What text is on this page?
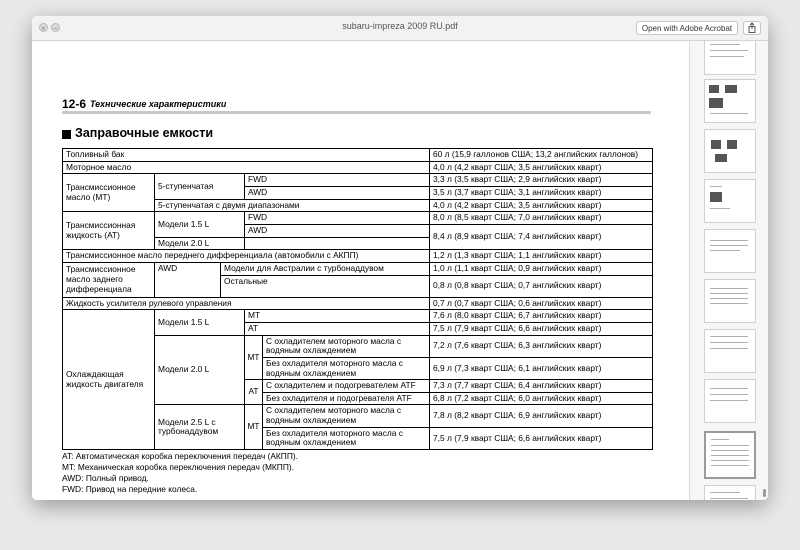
× –	subaru-impreza 2009 RU.pdf	Open with Adobe Acrobat
12-6 Технические характеристики
Заправочные емкости
Топливный бак					60 л (15,9 галлонов США; 13,2 английских галлонов)
Моторное масло					4,0 л (4,2 кварт США; 3,5 английских кварт)
Трансмиссионное масло (МТ)	5-ступенчатая		FWD		3,3 л (3,5 кварт США; 2,9 английских кварт)
			AWD		3,5 л (3,7 кварт США; 3,1 английских кварт)
	5-ступенчатая с двумя диапазонами				4,0 л (4,2 кварт США; 3,5 английских кварт)
Трансмиссионная жидкость (AT)	Модели 1.5 L		FWD		8,0 л (8,5 кварт США; 7,0 английских кварт)
			AWD		8,4 л (8,9 кварт США; 7,4 английских кварт)
	Модели 2.0 L				
Трансмиссионное масло переднего дифференциала (автомобили с АКПП)					1,2 л (1,3 кварт США; 1,1 английских кварт)
Трансмиссионное масло заднего дифференциала	AWD	Модели для Австралии с турбонаддувом			1,0 л (1,1 кварт США; 0,9 английских кварт)
		Остальные			0,8 л (0,8 кварт США; 0,7 английских кварт)
Жидкость усилителя рулевого управления					0,7 л (0,7 кварт США; 0,6 английских кварт)
Охлаждающая жидкость двигателя	Модели 1.5 L		MT		7,6 л (8,0 кварт США; 6,7 английских кварт)
			AT		7,5 л (7,9 кварт США; 6,6 английских кварт)
	Модели 2.0 L		MT	С охладителем моторного масла с водяным охлаждением	7,2 л (7,6 кварт США; 6,3 английских кварт)
				Без охладителя моторного масла с водяным охлаждением	6,9 л (7,3 кварт США; 6,1 английских кварт)
			AT	С охладителем и подогревателем ATF	7,3 л (7,7 кварт США; 6,4 английских кварт)
				Без охладителя и подогревателя ATF	6,8 л (7,2 кварт США; 6,0 английских кварт)
	Модели 2.5 L с турбонаддувом		MT	С охладителем моторного масла с водяным охлаждением	7,8 л (8,2 кварт США; 6,9 английских кварт)
				Без охладителя моторного масла с водяным охлаждением	7,5 л (7,9 кварт США; 6,6 английских кварт)
AT: Автоматическая коробка переключения передач (АКПП).
MT: Механическая коробка переключения передач (МКПП).
AWD: Полный привод.
FWD: Привод на передние колеса.
